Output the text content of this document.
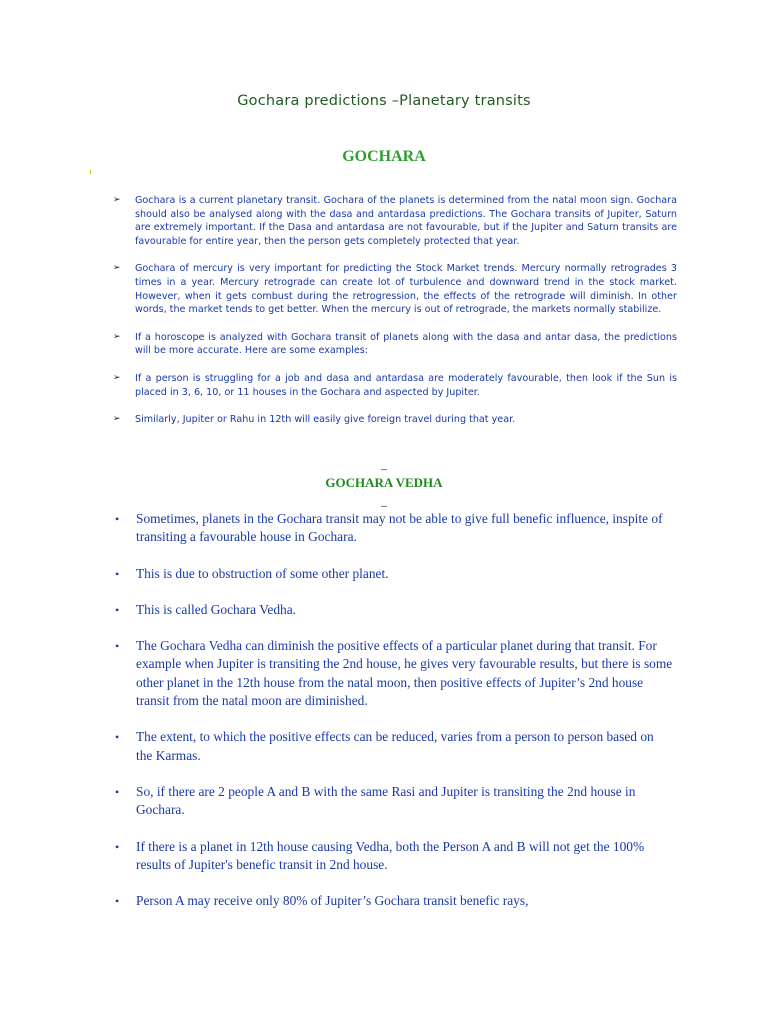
Gochara predictions –Planetary transits
GOCHARA
➢ Gochara is a current planetary transit. Gochara of the planets is determined from the natal moon sign. Gochara should also be analysed along with the dasa and antardasa predictions. The Gochara transits of Jupiter, Saturn are extremely important. If the Dasa and antardasa are not favourable, but if the Jupiter and Saturn transits are favourable for entire year, then the person gets completely protected that year.
➢ Gochara of mercury is very important for predicting the Stock Market trends. Mercury normally retrogrades 3 times in a year. Mercury retrograde can create lot of turbulence and downward trend in the stock market. However, when it gets combust during the retrogression, the effects of the retrograde will diminish. In other words, the market tends to get better. When the mercury is out of retrograde, the markets normally stabilize.
➢ If a horoscope is analyzed with Gochara transit of planets along with the dasa and antar dasa, the predictions will be more accurate. Here are some examples:
➢ If a person is struggling for a job and dasa and antardasa are moderately favourable, then look if the Sun is placed in 3, 6, 10, or 11 houses in the Gochara and aspected by Jupiter.
➢ Similarly, Jupiter or Rahu in 12th will easily give foreign travel during that year.
GOCHARA VEDHA
• Sometimes, planets in the Gochara transit may not be able to give full benefic influence, inspite of transiting a favourable house in Gochara.
• This is due to obstruction of some other planet.
• This is called Gochara Vedha.
• The Gochara Vedha can diminish the positive effects of a particular planet during that transit. For example when Jupiter is transiting the 2nd house, he gives very favourable results, but there is some other planet in the 12th house from the natal moon, then positive effects of Jupiter’s 2nd house transit from the natal moon are diminished.
• The extent, to which the positive effects can be reduced, varies from a person to person based on the Karmas.
• So, if there are 2 people A and B with the same Rasi and Jupiter is transiting the 2nd house in Gochara.
• If there is a planet in 12th house causing Vedha, both the Person A and B will not get the 100% results of Jupiter's benefic transit in 2nd house.
• Person A may receive only 80% of Jupiter’s Gochara transit benefic rays,
